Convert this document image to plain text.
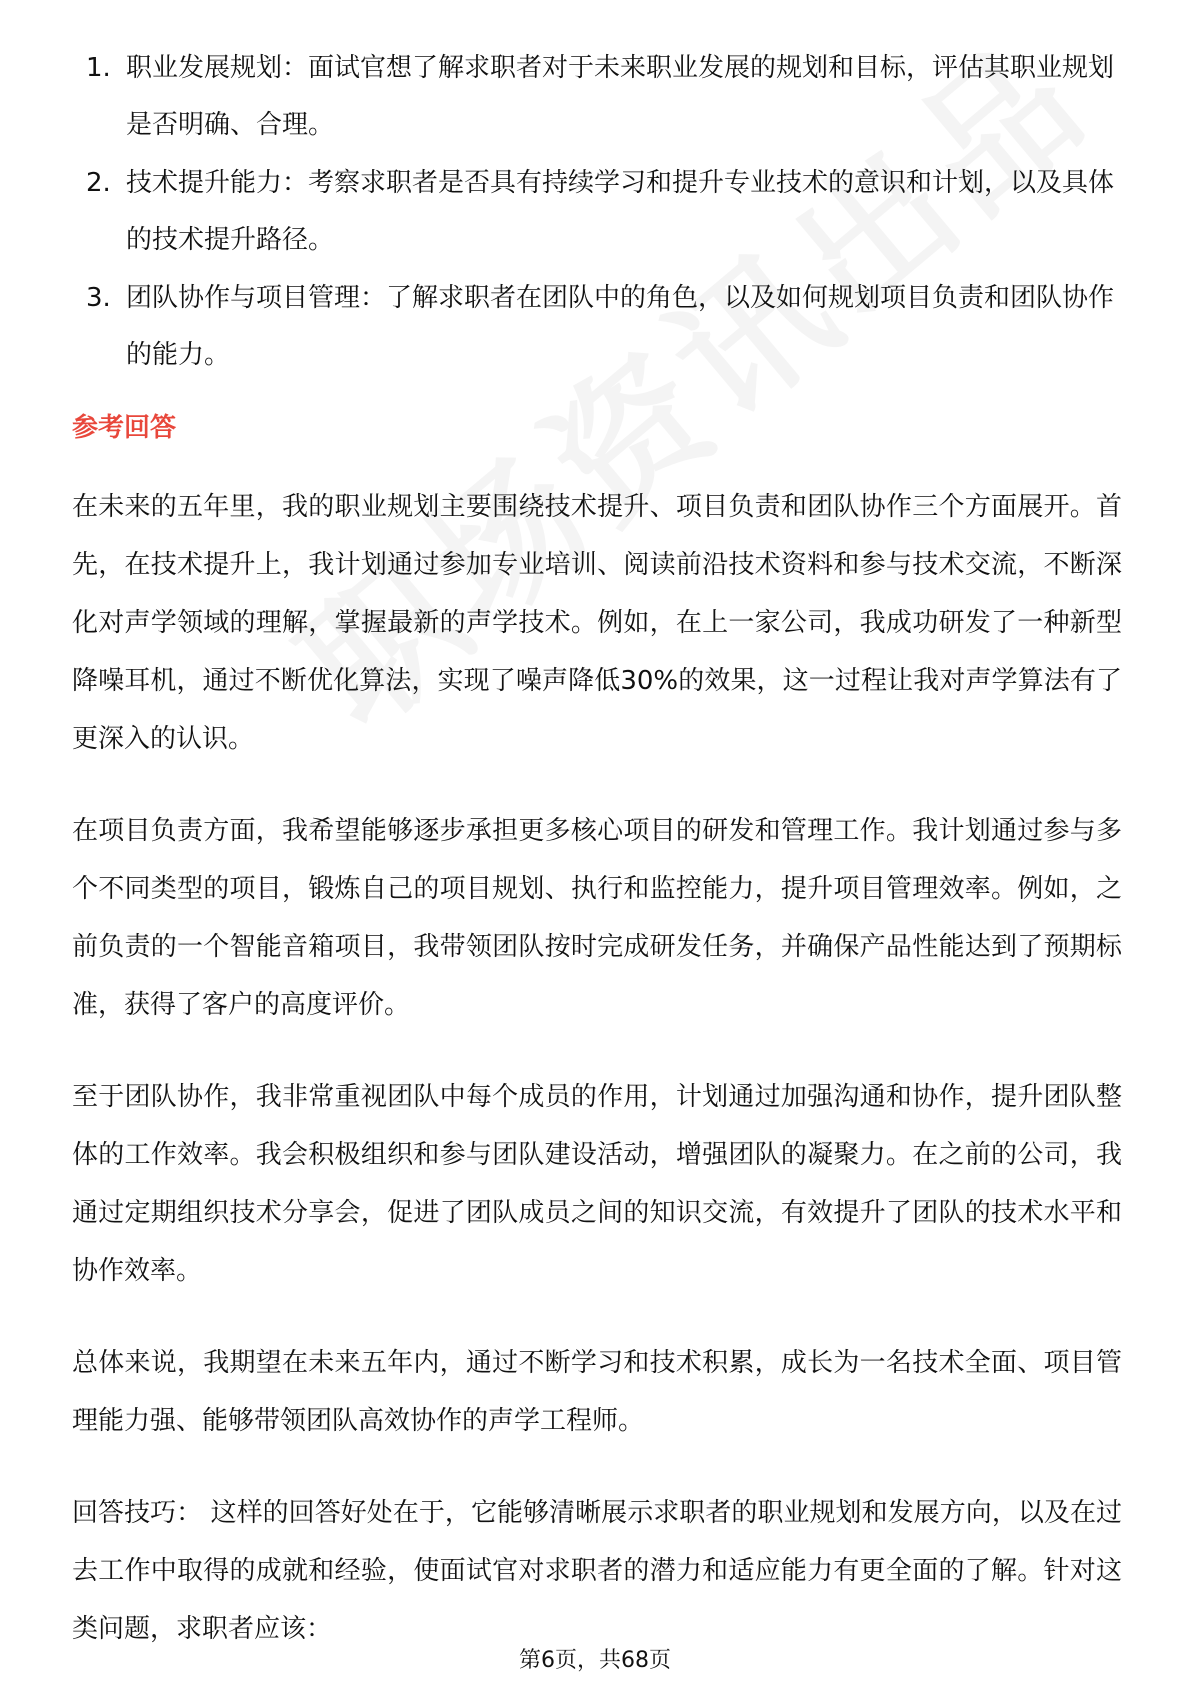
1. 职业发展规划：面试官想了解求职者对于未来职业发展的规划和目标，评估其职业规划是否明确、合理。
2. 技术提升能力：考察求职者是否具有持续学习和提升专业技术的意识和计划，以及具体的技术提升路径。
3. 团队协作与项目管理：了解求职者在团队中的角色，以及如何规划项目负责和团队协作的能力。
参考回答

在未来的五年里，我的职业规划主要围绕技术提升、项目负责和团队协作三个方面展开。首先，在技术提升上，我计划通过参加专业培训、阅读前沿技术资料和参与技术交流，不断深化对声学领域的理解，掌握最新的声学技术。例如，在上一家公司，我成功研发了一种新型降噪耳机，通过不断优化算法，实现了噪声降低30%的效果，这一过程让我对声学算法有了更深入的认识。

在项目负责方面，我希望能够逐步承担更多核心项目的研发和管理工作。我计划通过参与多个不同类型的项目，锻炼自己的项目规划、执行和监控能力，提升项目管理效率。例如，之前负责的一个智能音箱项目，我带领团队按时完成研发任务，并确保产品性能达到了预期标准，获得了客户的高度评价。

至于团队协作，我非常重视团队中每个成员的作用，计划通过加强沟通和协作，提升团队整体的工作效率。我会积极组织和参与团队建设活动，增强团队的凝聚力。在之前的公司，我通过定期组织技术分享会，促进了团队成员之间的知识交流，有效提升了团队的技术水平和协作效率。

总体来说，我期望在未来五年内，通过不断学习和技术积累，成长为一名技术全面、项目管理能力强、能够带领团队高效协作的声学工程师。

回答技巧： 这样的回答好处在于，它能够清晰展示求职者的职业规划和发展方向，以及在过去工作中取得的成就和经验，使面试官对求职者的潜力和适应能力有更全面的了解。针对这类问题，求职者应该：

第6页，共68页
